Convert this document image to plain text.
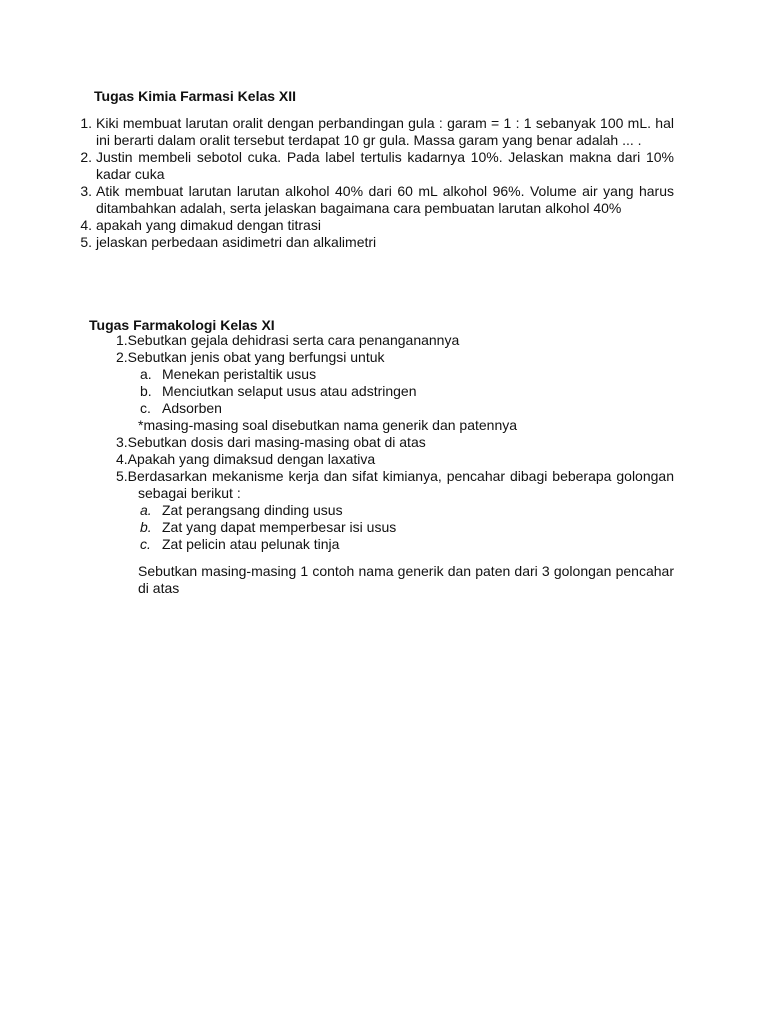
Tugas Kimia Farmasi Kelas XII
1. Kiki membuat larutan oralit dengan perbandingan gula : garam = 1 : 1 sebanyak 100 mL. hal ini berarti dalam oralit tersebut terdapat 10 gr gula. Massa garam yang benar adalah ... .
2. Justin membeli sebotol cuka. Pada label tertulis kadarnya 10%. Jelaskan makna dari 10% kadar cuka
3. Atik membuat larutan larutan alkohol 40% dari 60 mL alkohol 96%. Volume air yang harus ditambahkan adalah, serta jelaskan bagaimana cara pembuatan larutan alkohol 40%
4. apakah yang dimakud dengan titrasi
5. jelaskan perbedaan asidimetri dan alkalimetri
Tugas Farmakologi Kelas XI
1.Sebutkan gejala dehidrasi serta cara penanganannya
2.Sebutkan jenis obat yang berfungsi untuk
a. Menekan peristaltik usus
b. Menciutkan selaput usus atau adstringen
c. Adsorben
*masing-masing soal disebutkan nama generik dan patennya
3.Sebutkan dosis dari masing-masing obat di atas
4.Apakah yang dimaksud dengan laxativa
5.Berdasarkan mekanisme kerja dan sifat kimianya, pencahar dibagi beberapa golongan sebagai berikut :
a. Zat perangsang dinding usus
b. Zat yang dapat memperbesar isi usus
c. Zat pelicin atau pelunak tinja
Sebutkan masing-masing 1 contoh nama generik dan paten dari 3 golongan pencahar di atas
